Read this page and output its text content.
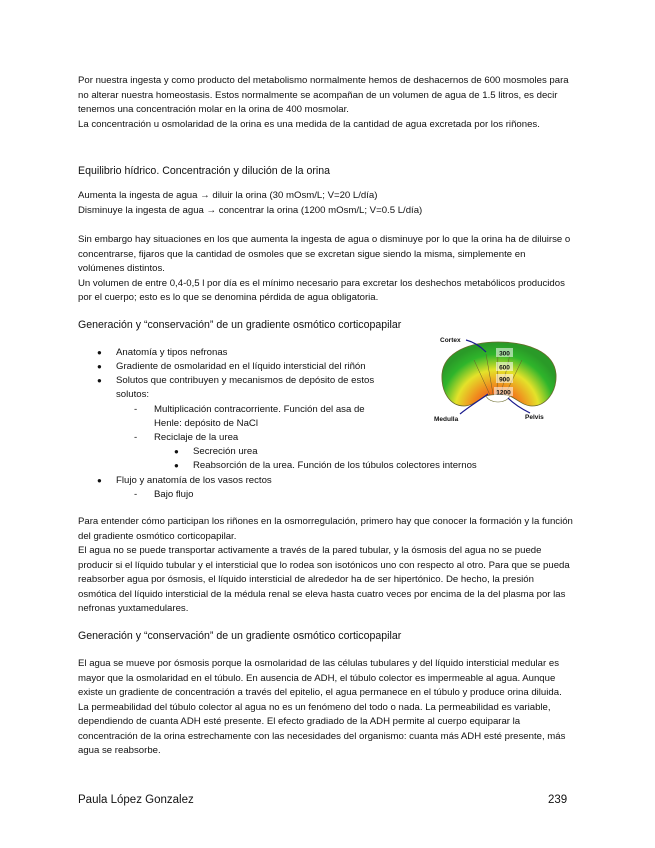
Por nuestra ingesta y como producto del metabolismo normalmente hemos de deshacernos de 600 mosmoles para no alterar nuestra homeostasis. Estos normalmente se acompañan de un volumen de agua de 1.5 litros, es decir tenemos una concentración molar en la orina de 400 mosmolar.

La concentración u osmolaridad de la orina es una medida de la cantidad de agua excretada por los riñones.

Equilibrio hídrico. Concentración y dilución de la orina

Aumenta la ingesta de agua → diluir la orina (30 mOsm/L; V=20 L/día)

Disminuye la ingesta de agua → concentrar la orina (1200 mOsm/L; V=0.5 L/día)

Sin embargo hay situaciones en los que aumenta la ingesta de agua o disminuye por lo que la orina ha de diluirse o concentrarse, fijaros que la cantidad de osmoles que se excretan sigue siendo la misma, simplemente en volúmenes distintos.

Un volumen de entre 0,4-0,5 l por día es el mínimo necesario para excretar los deshechos metabólicos producidos por el cuerpo; esto es lo que se denomina pérdida de agua obligatoria.

Generación y “conservación” de un gradiente osmótico corticopapilar
● Anatomía y tipos nefronas
● Gradiente de osmolaridad en el líquido intersticial del riñón
● Solutos que contribuyen y mecanismos de depósito de estos
solutos:
- Multiplicación contracorriente. Función del asa de
Henle: depósito de NaCl
- Reciclaje de la urea
● Secreción urea
● Reabsorción de la urea. Función de los túbulos colectores internos
● Flujo y anatomía de los vasos rectos
- Bajo flujo
300
600
900
1200
Cortex
Medulla	Pelvis

Para entender cómo participan los riñones en la osmorregulación, primero hay que conocer la formación y la función del gradiente osmótico corticopapilar.

El agua no se puede transportar activamente a través de la pared tubular, y la ósmosis del agua no se puede producir si el líquido tubular y el intersticial que lo rodea son isotónicos uno con respecto al otro. Para que se pueda reabsorber agua por ósmosis, el líquido intersticial de alrededor ha de ser hipertónico. De hecho, la presión osmótica del líquido intersticial de la médula renal se eleva hasta cuatro veces por encima de la del plasma por las nefronas yuxtamedulares.

Generación y “conservación” de un gradiente osmótico corticopapilar

El agua se mueve por ósmosis porque la osmolaridad de las células tubulares y del líquido intersticial medular es mayor que la osmolaridad en el túbulo. En ausencia de ADH, el túbulo colector es impermeable al agua. Aunque existe un gradiente de concentración a través del epitelio, el agua permanece en el túbulo y produce orina diluida.

La permeabilidad del túbulo colector al agua no es un fenómeno del todo o nada. La permeabilidad es variable, dependiendo de cuanta ADH esté presente. El efecto gradiado de la ADH permite al cuerpo equiparar la concentración de la orina estrechamente con las necesidades del organismo: cuanta más ADH esté presente, más agua se reabsorbe.

Paula López Gonzalez	239
